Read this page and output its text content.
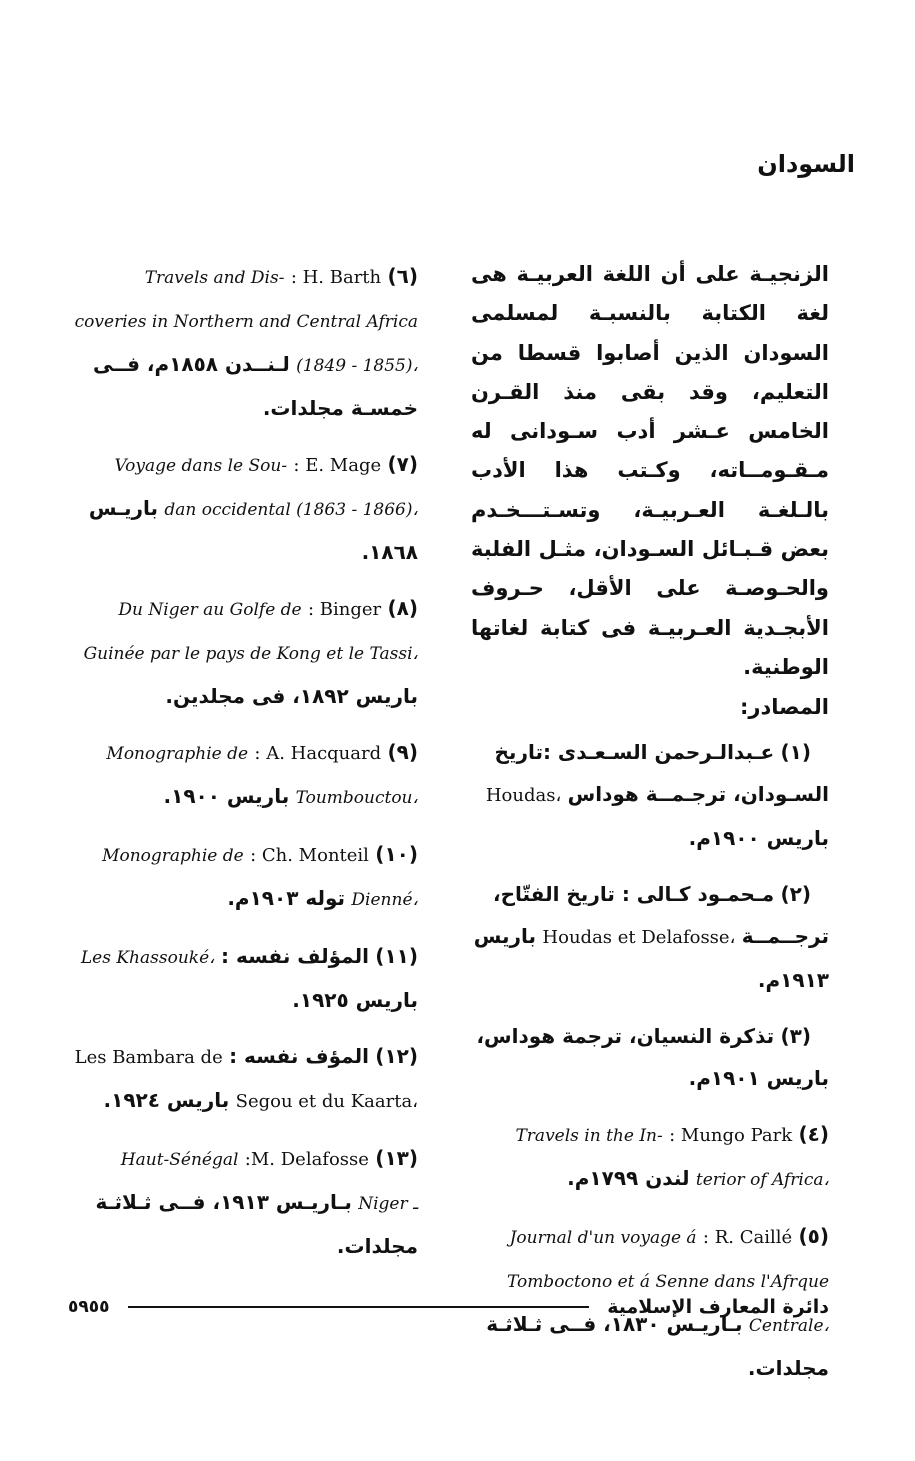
السودان

الزنجيـة على أن اللغة العربيـة هى لغة الكتابة بالنسبـة لمسلمى السودان الذين أصابوا قسطا من التعليم، وقد بقى منذ القـرن الخامس عـشر أدب سـودانى له مـقـومــاته، وكـتب هذا الأدب بالـلغـة العـربيـة، وتسـتـــخـدم بعض قـبـائل السـودان، مثـل الفلبة والحـوصـة على الأقل، حـروف الأبجـدية العـربيـة فى كتابة لغاتها الوطنية.

المصادر:
(١) عـبدالـرحمن السـعـدى :تاريخ
السـودان، ترجـمــة هوداس Houdas،
باريس ١٩٠٠م.
(٢) مـحمـود كـالى : تاريخ الفتّاح،
ترجــمــة Houdas et Delafosse، باريس
١٩١٣م.
(٣) تذكرة النسيان، ترجمة هوداس،
باريس ١٩٠١م.
(٤) : Mungo Park Travels in the In-
terior of Africa، لندن ١٧٩٩م.
(٥) : R. Caillé Journal d'un voyage á
Tomboctono et á Senne dans l'Afrque
Centrale، بـاريـس ١٨٣٠، فــى ثـلاثـة
مجلدات.
(٦) : H. Barth Travels and Dis-
coveries in Northern and Central Africa
(1849 - 1855)، لـنــدن ١٨٥٨م، فــى
خمسـة مجلدات.
(٧) : E. Mage Voyage dans le Sou-
dan occidental (1863 - 1866)، باريـس
١٨٦٨.
(٨) : Binger Du Niger au Golfe de
Guinée par le pays de Kong et le Tassi،
باريس ١٨٩٢، فى مجلدين.
(٩) : A. Hacquard Monographie de
Toumbouctou، باريس ١٩٠٠.
(١٠) : Ch. Monteil Monographie de
Dienné، توله ١٩٠٣م.
(١١) المؤلف نفسه : Les Khassouké،
باريس ١٩٢٥.
(١٢) المؤف نفسه : Les Bambara de
Segou et du Kaarta، باريس ١٩٢٤.
(١٣) :M. Delafosse Haut-Sénégal
Niger ـ بـاريـس ١٩١٣، فــى ثـلاثـة
مجلدات.
٥٩٥٥	دائرة المعارف الإسلامية
